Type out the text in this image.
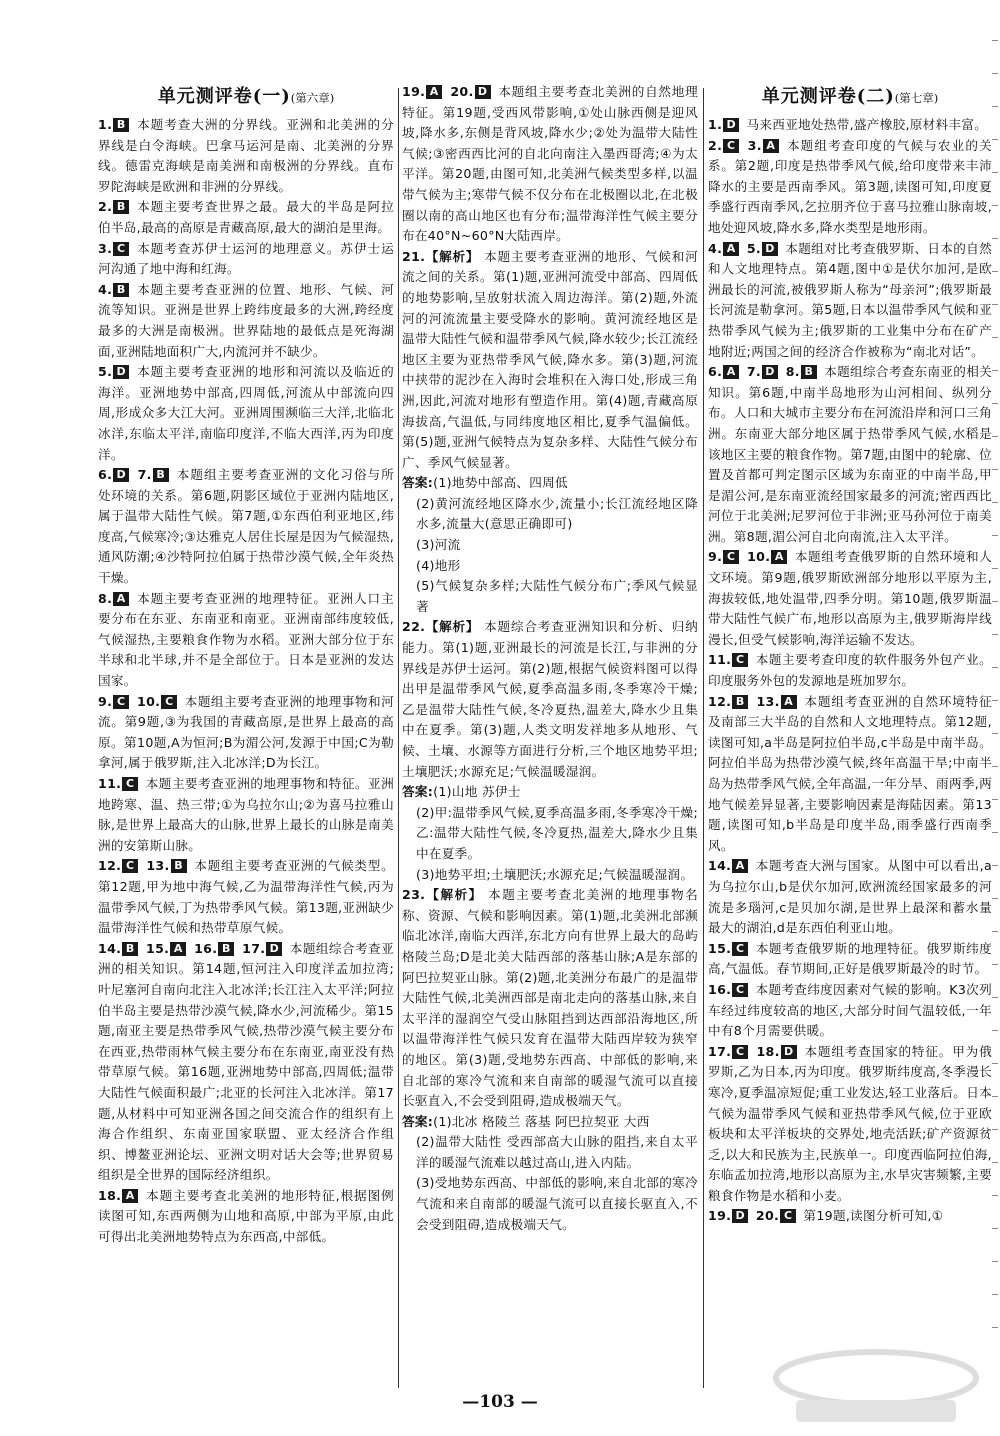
单元测评卷(一)(第六章)

1. B 本题考查大洲的分界线。亚洲和北美洲的分界线是白令海峡。巴拿马运河是南、北美洲的分界线。德雷克海峡是南美洲和南极洲的分界线。直布罗陀海峡是欧洲和非洲的分界线。

2. B 本题主要考查世界之最。最大的半岛是阿拉伯半岛,最高的高原是青藏高原,最大的湖泊是里海。

3. C 本题考查苏伊士运河的地理意义。苏伊士运河沟通了地中海和红海。

4. B 本题主要考查亚洲的位置、地形、气候、河流等知识。亚洲是世界上跨纬度最多的大洲,跨经度最多的大洲是南极洲。世界陆地的最低点是死海湖面,亚洲陆地面积广大,内流河并不缺少。

5. D 本题主要考查亚洲的地形和河流以及临近的海洋。亚洲地势中部高,四周低,河流从中部流向四周,形成众多大江大河。亚洲周围濒临三大洋,北临北冰洋,东临太平洋,南临印度洋,不临大西洋,丙为印度洋。

6. D 7. B 本题组主要考查亚洲的文化习俗与所处环境的关系。第6题,阴影区域位于亚洲内陆地区,属于温带大陆性气候。第7题,①东西伯利亚地区,纬度高,气候寒冷;③达雅克人居住长屋是因为气候湿热,通风防潮;④沙特阿拉伯属于热带沙漠气候,全年炎热干燥。

8. A 本题主要考查亚洲的地理特征。亚洲人口主要分布在东亚、东南亚和南亚。亚洲南部纬度较低,气候湿热,主要粮食作物为水稻。亚洲大部分位于东半球和北半球,并不是全部位于。日本是亚洲的发达国家。

9. C 10. C 本题组主要考查亚洲的地理事物和河流。第9题,③为我国的青藏高原,是世界上最高的高原。第10题,A为恒河;B为湄公河,发源于中国;C为勒拿河,属于俄罗斯,注入北冰洋;D为长江。

11. C 本题主要考查亚洲的地理事物和特征。亚洲地跨寒、温、热三带;①为乌拉尔山;②为喜马拉雅山脉,是世界上最高大的山脉,世界上最长的山脉是南美洲的安第斯山脉。

12. C 13. B 本题组主要考查亚洲的气候类型。第12题,甲为地中海气候,乙为温带海洋性气候,丙为温带季风气候,丁为热带季风气候。第13题,亚洲缺少温带海洋性气候和热带草原气候。

14. B 15. A 16. B 17. D 本题组综合考查亚洲的相关知识。第14题,恒河注入印度洋孟加拉湾;叶尼塞河自南向北注入北冰洋;长江注入太平洋;阿拉伯半岛主要是热带沙漠气候,降水少,河流稀少。第15题,南亚主要是热带季风气候,热带沙漠气候主要分布在西亚,热带雨林气候主要分布在东南亚,南亚没有热带草原气候。第16题,亚洲地势中部高,四周低;温带大陆性气候面积最广;北亚的长河注入北冰洋。第17题,从材料中可知亚洲各国之间交流合作的组织有上海合作组织、东南亚国家联盟、亚太经济合作组织、博鳌亚洲论坛、亚洲文明对话大会等;世界贸易组织是全世界的国际经济组织。

18. A 本题主要考查北美洲的地形特征,根据图例读图可知,东西两侧为山地和高原,中部为平原,由此可得出北美洲地势特点为东西高,中部低。

19. A 20. D 本题组主要考查北美洲的自然地理特征。第19题,受西风带影响,①处山脉西侧是迎风坡,降水多,东侧是背风坡,降水少;②处为温带大陆性气候;③密西西比河的自北向南注入墨西哥湾;④为太平洋。第20题,由图可知,北美洲气候类型多样,以温带气候为主;寒带气候不仅分布在北极圈以北,在北极圈以南的高山地区也有分布;温带海洋性气候主要分布在40°N~60°N大陆西岸。

21.【解析】 本题主要考查亚洲的地形、气候和河流之间的关系。第(1)题,亚洲河流受中部高、四周低的地势影响,呈放射状流入周边海洋。第(2)题,外流河的河流流量主要受降水的影响。黄河流经地区是温带大陆性气候和温带季风气候,降水较少;长江流经地区主要为亚热带季风气候,降水多。第(3)题,河流中挟带的泥沙在入海时会堆积在入海口处,形成三角洲,因此,河流对地形有塑造作用。第(4)题,青藏高原海拔高,气温低,与同纬度地区相比,夏季气温偏低。第(5)题,亚洲气候特点为复杂多样、大陆性气候分布广、季风气候显著。

答案:(1)地势中部高、四周低
(2)黄河流经地区降水少,流量小;长江流经地区降水多,流量大(意思正确即可)
(3)河流
(4)地形
(5)气候复杂多样;大陆性气候分布广;季风气候显著

22.【解析】 本题综合考查亚洲知识和分析、归纳能力。第(1)题,亚洲最长的河流是长江,与非洲的分界线是苏伊士运河。第(2)题,根据气候资料图可以得出甲是温带季风气候,夏季高温多雨,冬季寒冷干燥;乙是温带大陆性气候,冬冷夏热,温差大,降水少且集中在夏季。第(3)题,人类文明发祥地多从地形、气候、土壤、水源等方面进行分析,三个地区地势平坦;土壤肥沃;水源充足;气候温暖湿润。

答案:(1)山地 苏伊士
(2)甲:温带季风气候,夏季高温多雨,冬季寒冷干燥;乙:温带大陆性气候,冬冷夏热,温差大,降水少且集中在夏季。
(3)地势平坦;土壤肥沃;水源充足;气候温暖湿润。

23.【解析】 本题主要考查北美洲的地理事物名称、资源、气候和影响因素。第(1)题,北美洲北部濒临北冰洋,南临大西洋,东北方向有世界上最大的岛屿格陵兰岛;D是北美大陆西部的落基山脉;A是东部的阿巴拉契亚山脉。第(2)题,北美洲分布最广的是温带大陆性气候,北美洲西部是南北走向的落基山脉,来自太平洋的湿润空气受山脉阻挡到达西部沿海地区,所以温带海洋性气候只发育在温带大陆西岸较为狭窄的地区。第(3)题,受地势东西高、中部低的影响,来自北部的寒冷气流和来自南部的暖湿气流可以直接长驱直入,不会受到阻碍,造成极端天气。

答案:(1)北冰 格陵兰 落基 阿巴拉契亚 大西
(2)温带大陆性 受西部高大山脉的阻挡,来自太平洋的暖湿气流难以越过高山,进入内陆。
(3)受地势东西高、中部低的影响,来自北部的寒冷气流和来自南部的暖湿气流可以直接长驱直入,不会受到阻碍,造成极端天气。
单元测评卷(二)(第七章)

1. D 马来西亚地处热带,盛产橡胶,原材料丰富。

2. C 3. A 本题组考查印度的气候与农业的关系。第2题,印度是热带季风气候,给印度带来丰沛降水的主要是西南季风。第3题,读图可知,印度夏季盛行西南季风,乞拉朋齐位于喜马拉雅山脉南坡,地处迎风坡,降水多,降水类型是地形雨。

4. A 5. D 本题组对比考查俄罗斯、日本的自然和人文地理特点。第4题,图中①是伏尔加河,是欧洲最长的河流,被俄罗斯人称为“母亲河”;俄罗斯最长河流是勒拿河。第5题,日本以温带季风气候和亚热带季风气候为主;俄罗斯的工业集中分布在矿产地附近;两国之间的经济合作被称为“南北对话”。

6. A 7. D 8. B 本题组综合考查东南亚的相关知识。第6题,中南半岛地形为山河相间、纵列分布。人口和大城市主要分布在河流沿岸和河口三角洲。东南亚大部分地区属于热带季风气候,水稻是该地区主要的粮食作物。第7题,由图中的轮廓、位置及首都可判定图示区域为东南亚的中南半岛,甲是湄公河,是东南亚流经国家最多的河流;密西西比河位于北美洲;尼罗河位于非洲;亚马孙河位于南美洲。第8题,湄公河自北向南流,注入太平洋。

9. C 10. A 本题组考查俄罗斯的自然环境和人文环境。第9题,俄罗斯欧洲部分地形以平原为主,海拔较低,地处温带,四季分明。第10题,俄罗斯温带大陆性气候广布,地形以高原为主,俄罗斯海岸线漫长,但受气候影响,海洋运输不发达。

11. C 本题主要考查印度的软件服务外包产业。印度服务外包的发源地是班加罗尔。

12. B 13. A 本题组考查亚洲的自然环境特征及南部三大半岛的自然和人文地理特点。第12题,读图可知,a半岛是阿拉伯半岛,c半岛是中南半岛。阿拉伯半岛为热带沙漠气候,终年高温干旱;中南半岛为热带季风气候,全年高温,一年分旱、雨两季,两地气候差异显著,主要影响因素是海陆因素。第13题,读图可知,b半岛是印度半岛,雨季盛行西南季风。

14. A 本题考查大洲与国家。从图中可以看出,a为乌拉尔山,b是伏尔加河,欧洲流经国家最多的河流是多瑙河,c是贝加尔湖,是世界上最深和蓄水量最大的湖泊,d是东西伯利亚山地。

15. C 本题考查俄罗斯的地理特征。俄罗斯纬度高,气温低。春节期间,正好是俄罗斯最冷的时节。

16. C 本题考查纬度因素对气候的影响。K3次列车经过纬度较高的地区,大部分时间气温较低,一年中有8个月需要供暖。

17. C 18. D 本题组考查国家的特征。甲为俄罗斯,乙为日本,丙为印度。俄罗斯纬度高,冬季漫长寒冷,夏季温凉短促;重工业发达,轻工业落后。日本气候为温带季风气候和亚热带季风气候,位于亚欧板块和太平洋板块的交界处,地壳活跃;矿产资源贫乏,以大和民族为主,民族单一。印度西临阿拉伯海,东临孟加拉湾,地形以高原为主,水旱灾害频繁,主要粮食作物是水稻和小麦。

19. D 20. C 第19题,读图分析可知,①

—103 —
